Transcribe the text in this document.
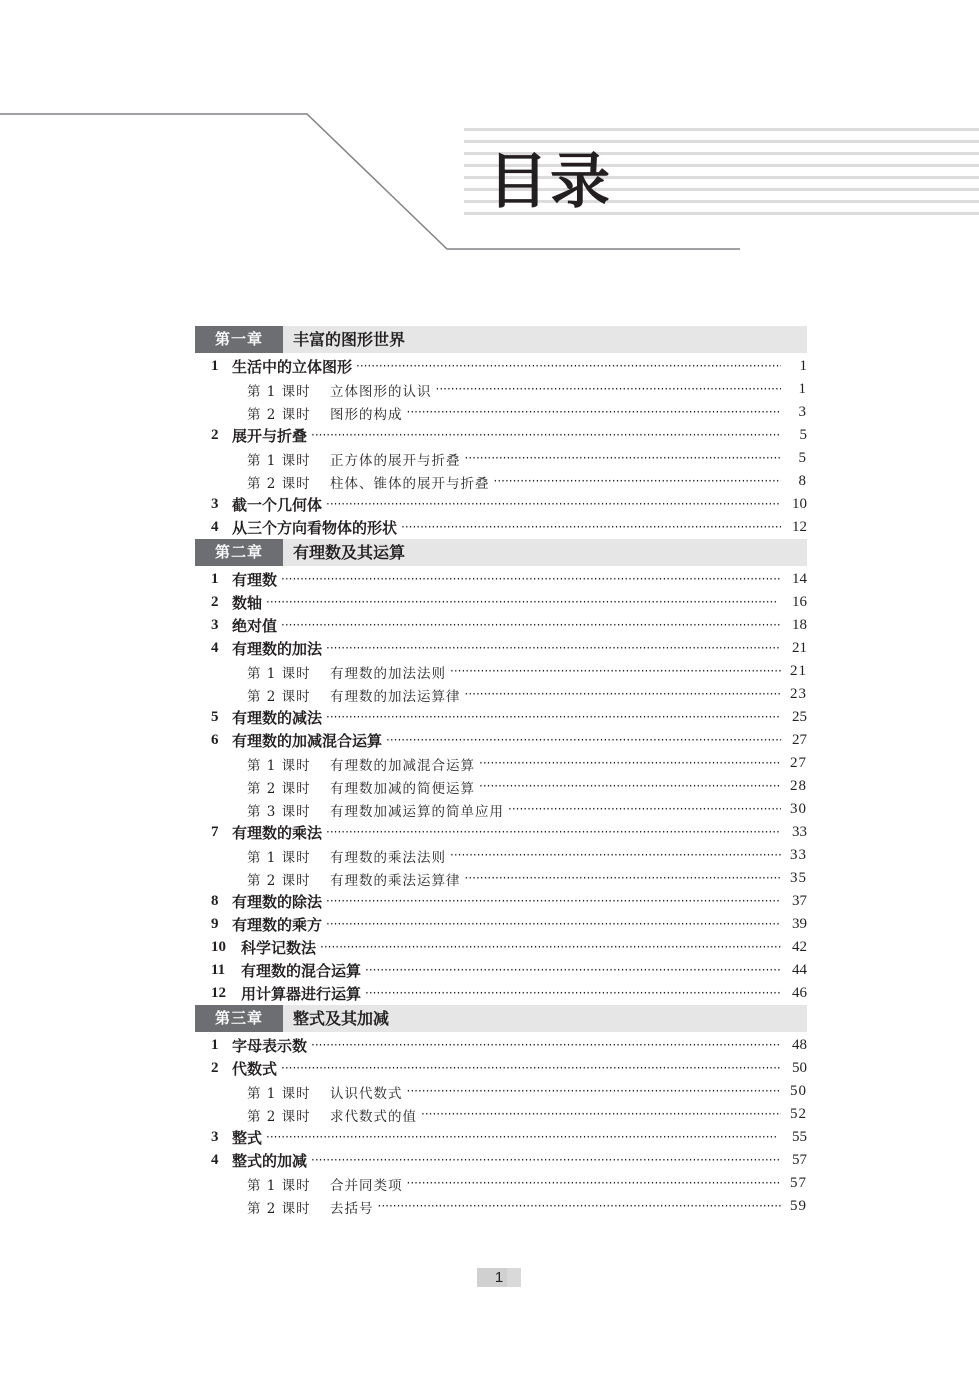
目录
第一章	丰富的图形世界
1 生活中的立体图形 ·····	1
第 1 课时	立体图形的认识 ·····	1
第 2 课时	图形的构成 ·····	3
2 展开与折叠 ·····	5
第 1 课时	正方体的展开与折叠 ·····	5
第 2 课时	柱体、锥体的展开与折叠 ·····	8
3 截一个几何体 ·····	10
4 从三个方向看物体的形状 ·····	12
第二章	有理数及其运算
1 有理数 ·····	14
2 数轴 ·····	16
3 绝对值 ·····	18
4 有理数的加法 ·····	21
第 1 课时	有理数的加法法则 ·····	21
第 2 课时	有理数的加法运算律 ·····	23
5 有理数的减法 ·····	25
6 有理数的加减混合运算 ·····	27
第 1 课时	有理数的加减混合运算 ·····	27
第 2 课时	有理数加减的简便运算 ·····	28
第 3 课时	有理数加减运算的简单应用 ·····	30
7 有理数的乘法 ·····	33
第 1 课时	有理数的乘法法则 ·····	33
第 2 课时	有理数的乘法运算律 ·····	35
8 有理数的除法 ·····	37
9 有理数的乘方 ·····	39
10	科学记数法 ·····	42
11	有理数的混合运算 ·····	44
12	用计算器进行运算 ·····	46
第三章	整式及其加减
1 字母表示数 ·····	48
2 代数式 ·····	50
第 1 课时	认识代数式 ·····	50
第 2 课时	求代数式的值 ·····	52
3 整式 ·····	55
4 整式的加减 ·····	57
第 1 课时	合并同类项 ·····	57
第 2 课时	去括号 ·····	59
1
